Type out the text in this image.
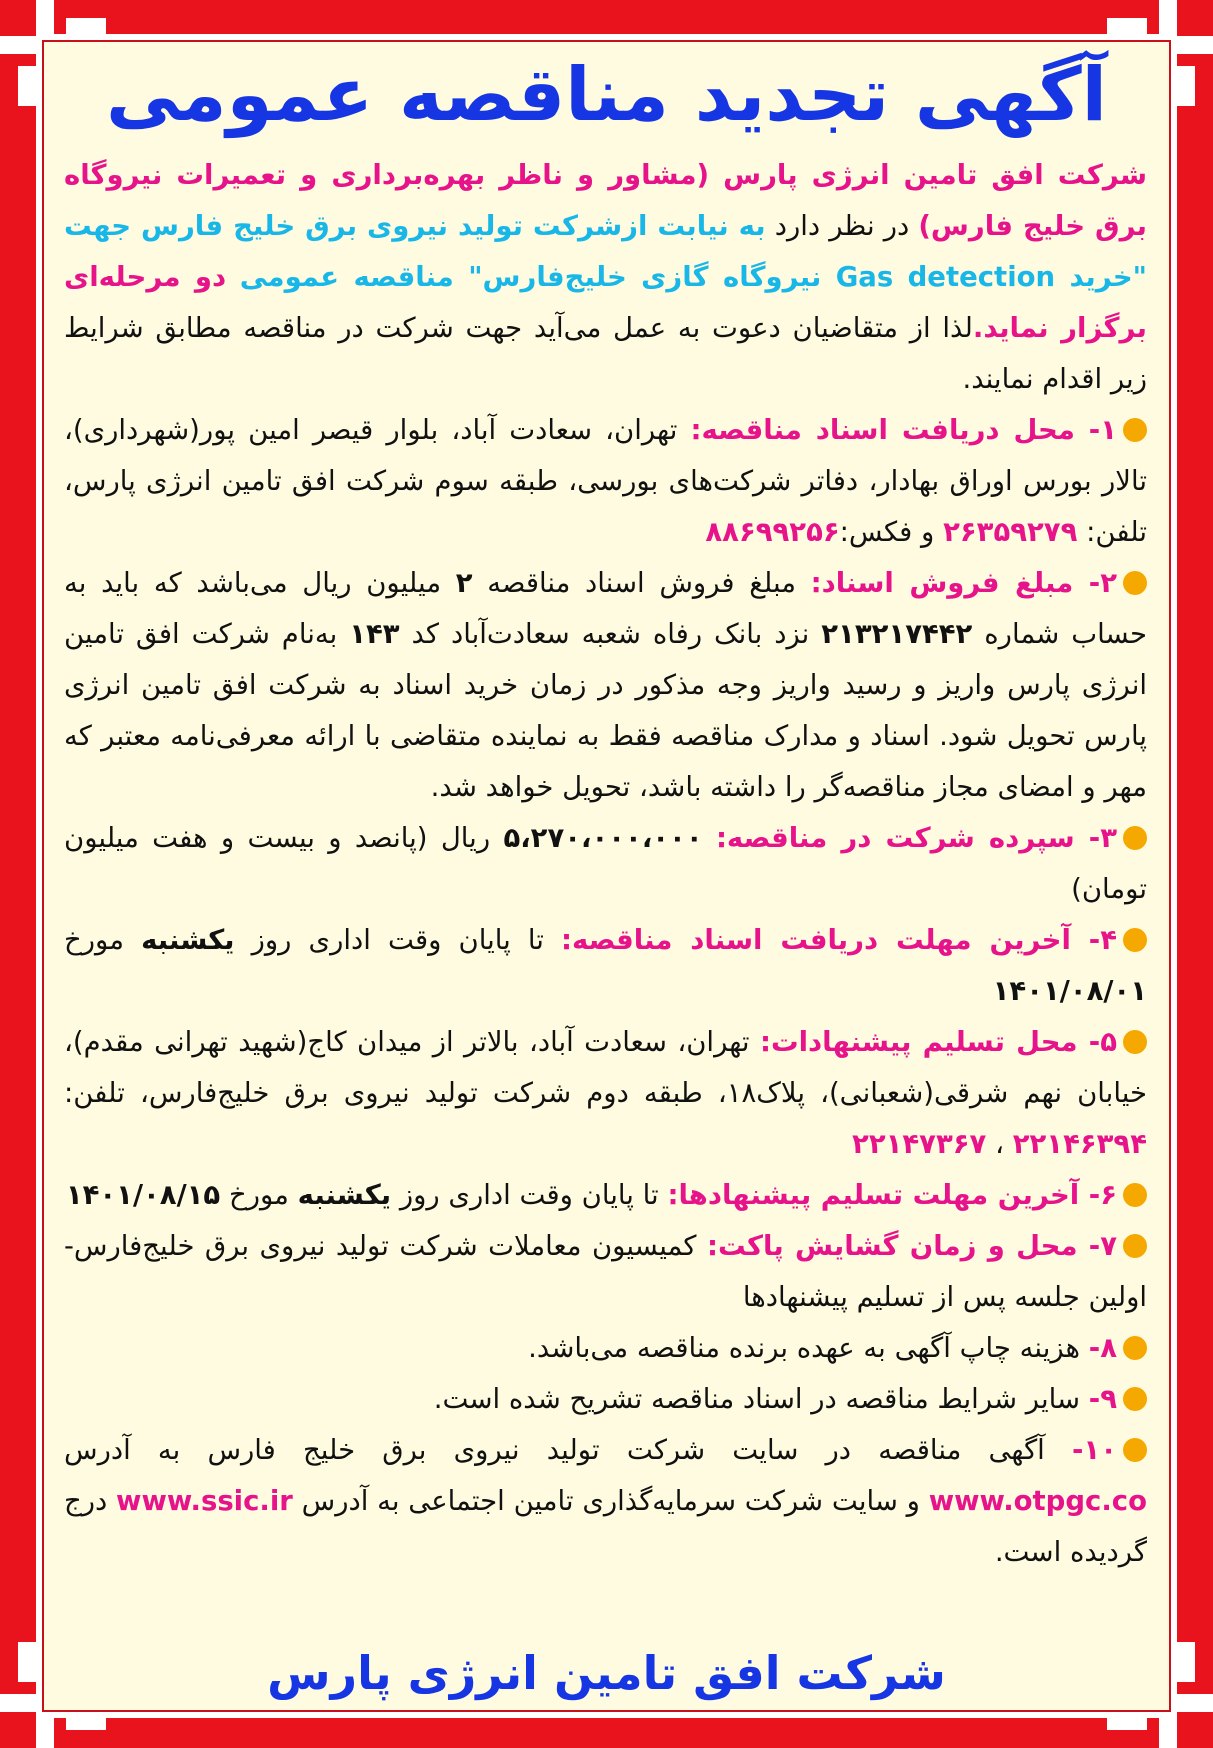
آگهی تجدید مناقصه عمومی

شرکت افق تامین انرژی پارس (مشاور و ناظر بهره‌برداری و تعمیرات نیروگاه برق خلیج فارس) در نظر دارد به نیابت ازشرکت تولید نیروی برق خلیج فارس جهت "خرید Gas detection نیروگاه گازی خلیج‌فارس" مناقصه عمومی دو مرحله‌ای برگزار نماید.لذا از متقاضیان دعوت به عمل می‌آید جهت شرکت در مناقصه مطابق شرایط زیر اقدام نمایند.

۱- محل دریافت اسناد مناقصه: تهران، سعادت آباد، بلوار قیصر امین پور(شهرداری)، تالار بورس اوراق بهادار، دفاتر شرکت‌های بورسی، طبقه سوم شرکت افق تامین انرژی پارس، تلفن: ۲۶۳۵۹۲۷۹ و فکس:۸۸۶۹۹۲۵۶

۲- مبلغ فروش اسناد: مبلغ فروش اسناد مناقصه ۲ میلیون ریال می‌باشد که باید به حساب شماره ۲۱۳۲۱۷۴۴۲ نزد بانک رفاه شعبه سعادت‌آباد کد ۱۴۳ به‌نام شرکت افق تامین انرژی پارس واریز و رسید واریز وجه مذکور در زمان خرید اسناد به شرکت افق تامین انرژی پارس تحویل شود. اسناد و مدارک مناقصه فقط به نماینده متقاضی با ارائه معرفی‌نامه معتبر که مهر و امضای مجاز مناقصه‌گر را داشته باشد، تحویل خواهد شد.

۳- سپرده شرکت در مناقصه: ۵،۲۷۰،۰۰۰،۰۰۰ ریال (پانصد و بیست و هفت میلیون تومان)

۴- آخرین مهلت دریافت اسناد مناقصه: تا پایان وقت اداری روز یکشنبه مورخ ۱۴۰۱/۰۸/۰۱

۵- محل تسلیم پیشنهادات: تهران، سعادت آباد، بالاتر از میدان کاج(شهید تهرانی مقدم)، خیابان نهم شرقی(شعبانی)، پلاک۱۸، طبقه دوم شرکت تولید نیروی برق خلیج‌فارس، تلفن: ۲۲۱۴۶۳۹۴ ، ۲۲۱۴۷۳۶۷

۶- آخرین مهلت تسلیم پیشنهادها: تا پایان وقت اداری روز یکشنبه مورخ ۱۴۰۱/۰۸/۱۵

۷- محل و زمان گشایش پاکت: کمیسیون معاملات شرکت تولید نیروی برق خلیج‌فارس- اولین جلسه پس از تسلیم پیشنهادها

۸- هزینه چاپ آگهی به عهده برنده مناقصه می‌باشد.

۹- سایر شرایط مناقصه در اسناد مناقصه تشریح شده است.

۱۰- آگهی مناقصه در سایت شرکت تولید نیروی برق خلیج فارس به آدرس www.otpgc.co و سایت شرکت سرمایه‌گذاری تامین اجتماعی به آدرس www.ssic.ir درج گردیده است.

شرکت افق تامین انرژی پارس
